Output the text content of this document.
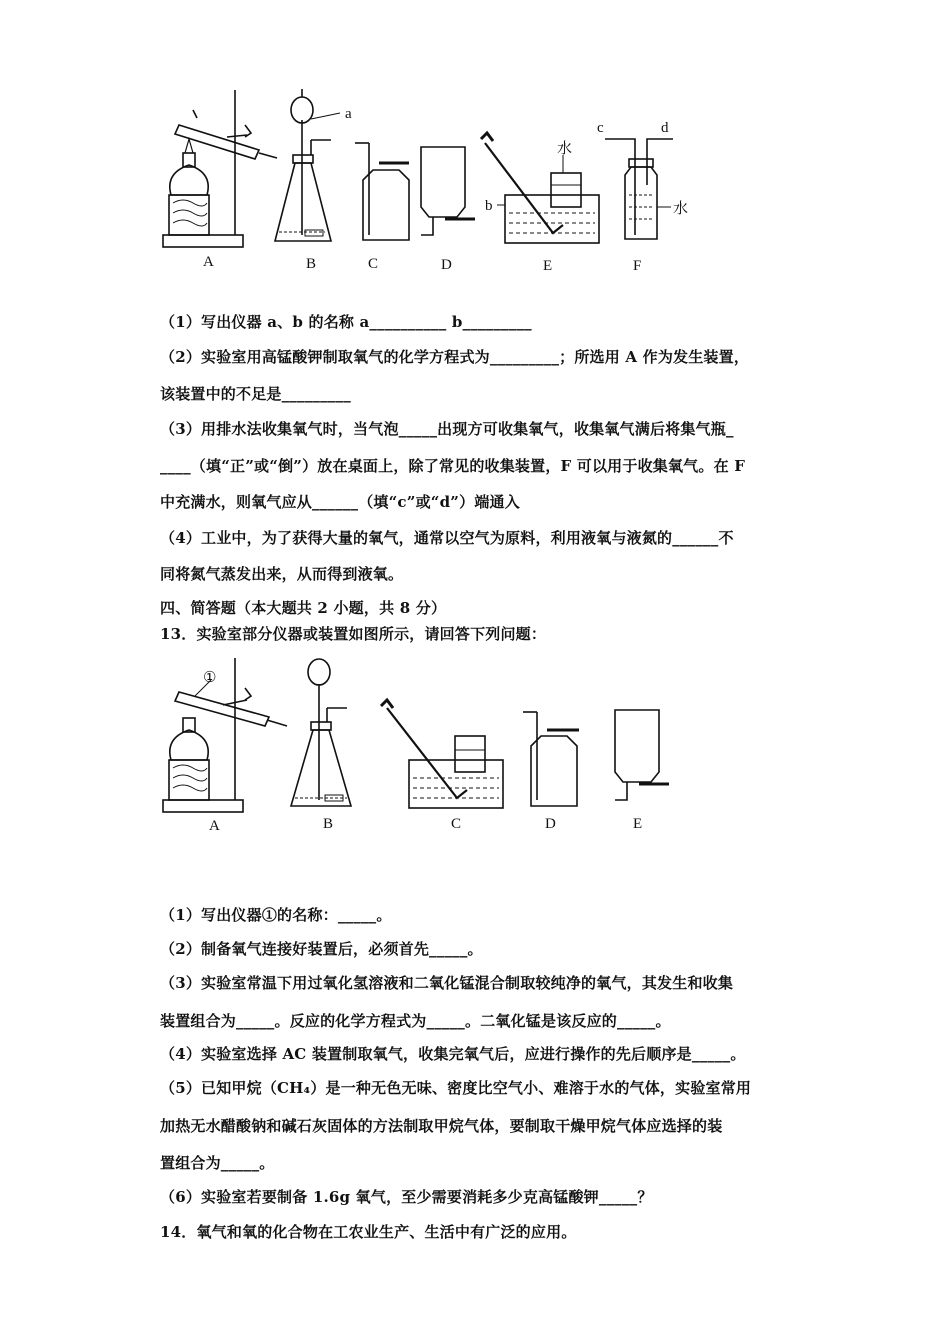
a
b
c	d
水
水
A	B	C	D	E	F
（1）写出仪器 a、b 的名称 a__________ b_________
（2）实验室用高锰酸钾制取氧气的化学方程式为_________；所选用 A 作为发生装置，
该装置中的不足是_________
（3）用排水法收集氧气时，当气泡_____出现方可收集氧气，收集氧气满后将集气瓶_
____（填“正”或“倒”）放在桌面上，除了常见的收集装置，F 可以用于收集氧气。在 F
中充满水，则氧气应从______（填“c”或“d”）端通入
（4）工业中，为了获得大量的氧气，通常以空气为原料，利用液氧与液氮的______不
同将氮气蒸发出来，从而得到液氧。
四、简答题（本大题共 2 小题，共 8 分）
13．实验室部分仪器或装置如图所示，请回答下列问题：
①
A	B	C	D	E
（1）写出仪器①的名称：_____。
（2）制备氧气连接好装置后，必须首先_____。
（3）实验室常温下用过氧化氢溶液和二氧化锰混合制取较纯净的氧气，其发生和收集
装置组合为_____。反应的化学方程式为_____。二氧化锰是该反应的_____。
（4）实验室选择 AC 装置制取氧气，收集完氧气后，应进行操作的先后顺序是_____。
（5）已知甲烷（CH₄）是一种无色无味、密度比空气小、难溶于水的气体，实验室常用
加热无水醋酸钠和碱石灰固体的方法制取甲烷气体，要制取干燥甲烷气体应选择的装
置组合为_____。
（6）实验室若要制备 1.6g 氧气，至少需要消耗多少克高锰酸钾_____？
14．氧气和氧的化合物在工农业生产、生活中有广泛的应用。
